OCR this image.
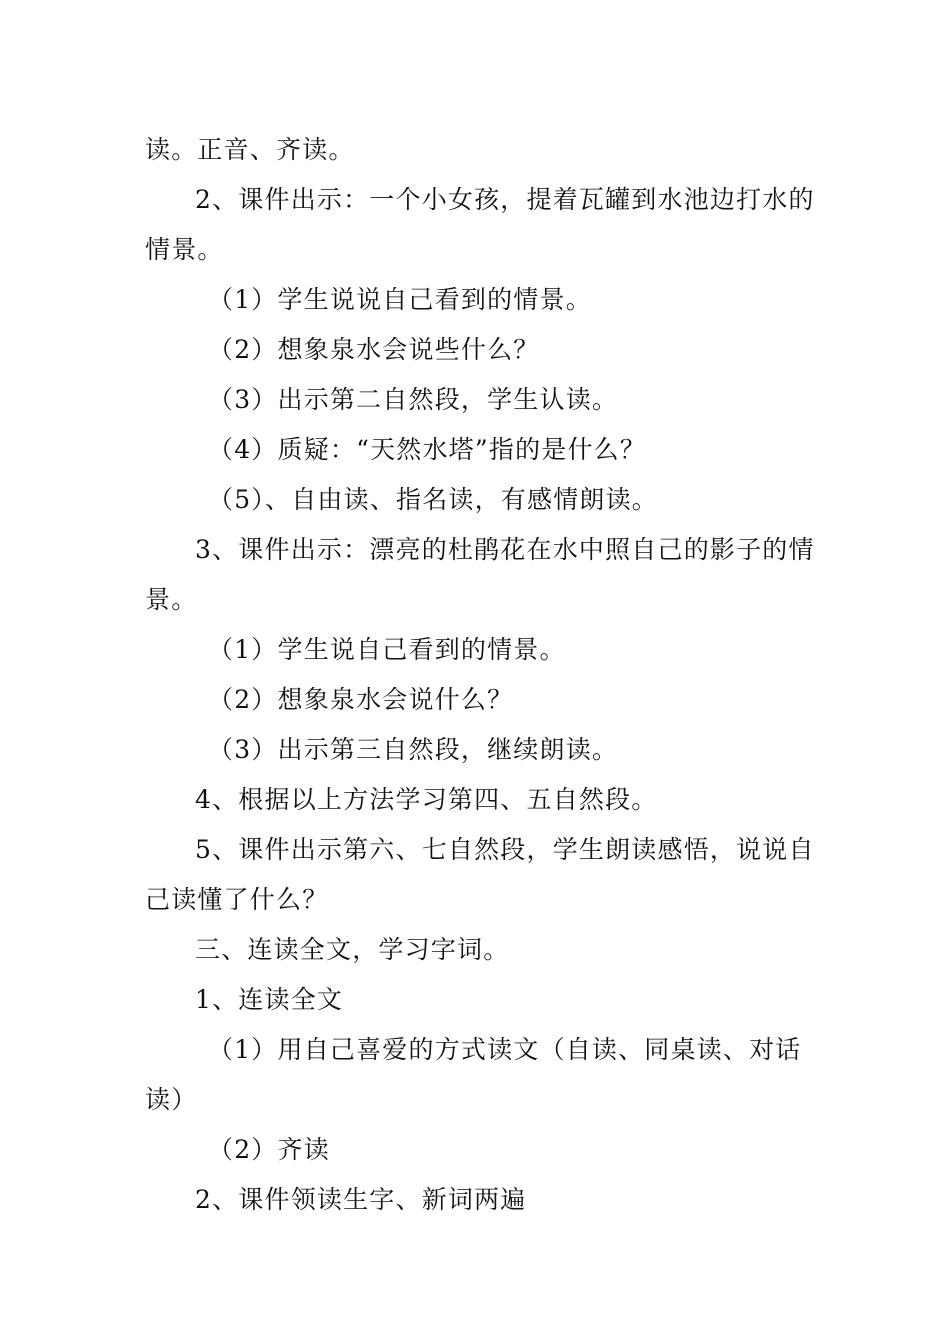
读。正音、齐读。
2、课件出示：一个小女孩，提着瓦罐到水池边打水的
情景。
（1）学生说说自己看到的情景。
（2）想象泉水会说些什么？
（3）出示第二自然段，学生认读。
（4）质疑：“天然水塔”指的是什么？
（5）、自由读、指名读，有感情朗读。
3、课件出示：漂亮的杜鹃花在水中照自己的影子的情
景。
（1）学生说自己看到的情景。
（2）想象泉水会说什么？
（3）出示第三自然段，继续朗读。
4、根据以上方法学习第四、五自然段。
5、课件出示第六、七自然段，学生朗读感悟，说说自
己读懂了什么？
三、连读全文，学习字词。
1、连读全文
（1）用自己喜爱的方式读文（自读、同桌读、对话
读）
（2）齐读
2、课件领读生字、新词两遍
